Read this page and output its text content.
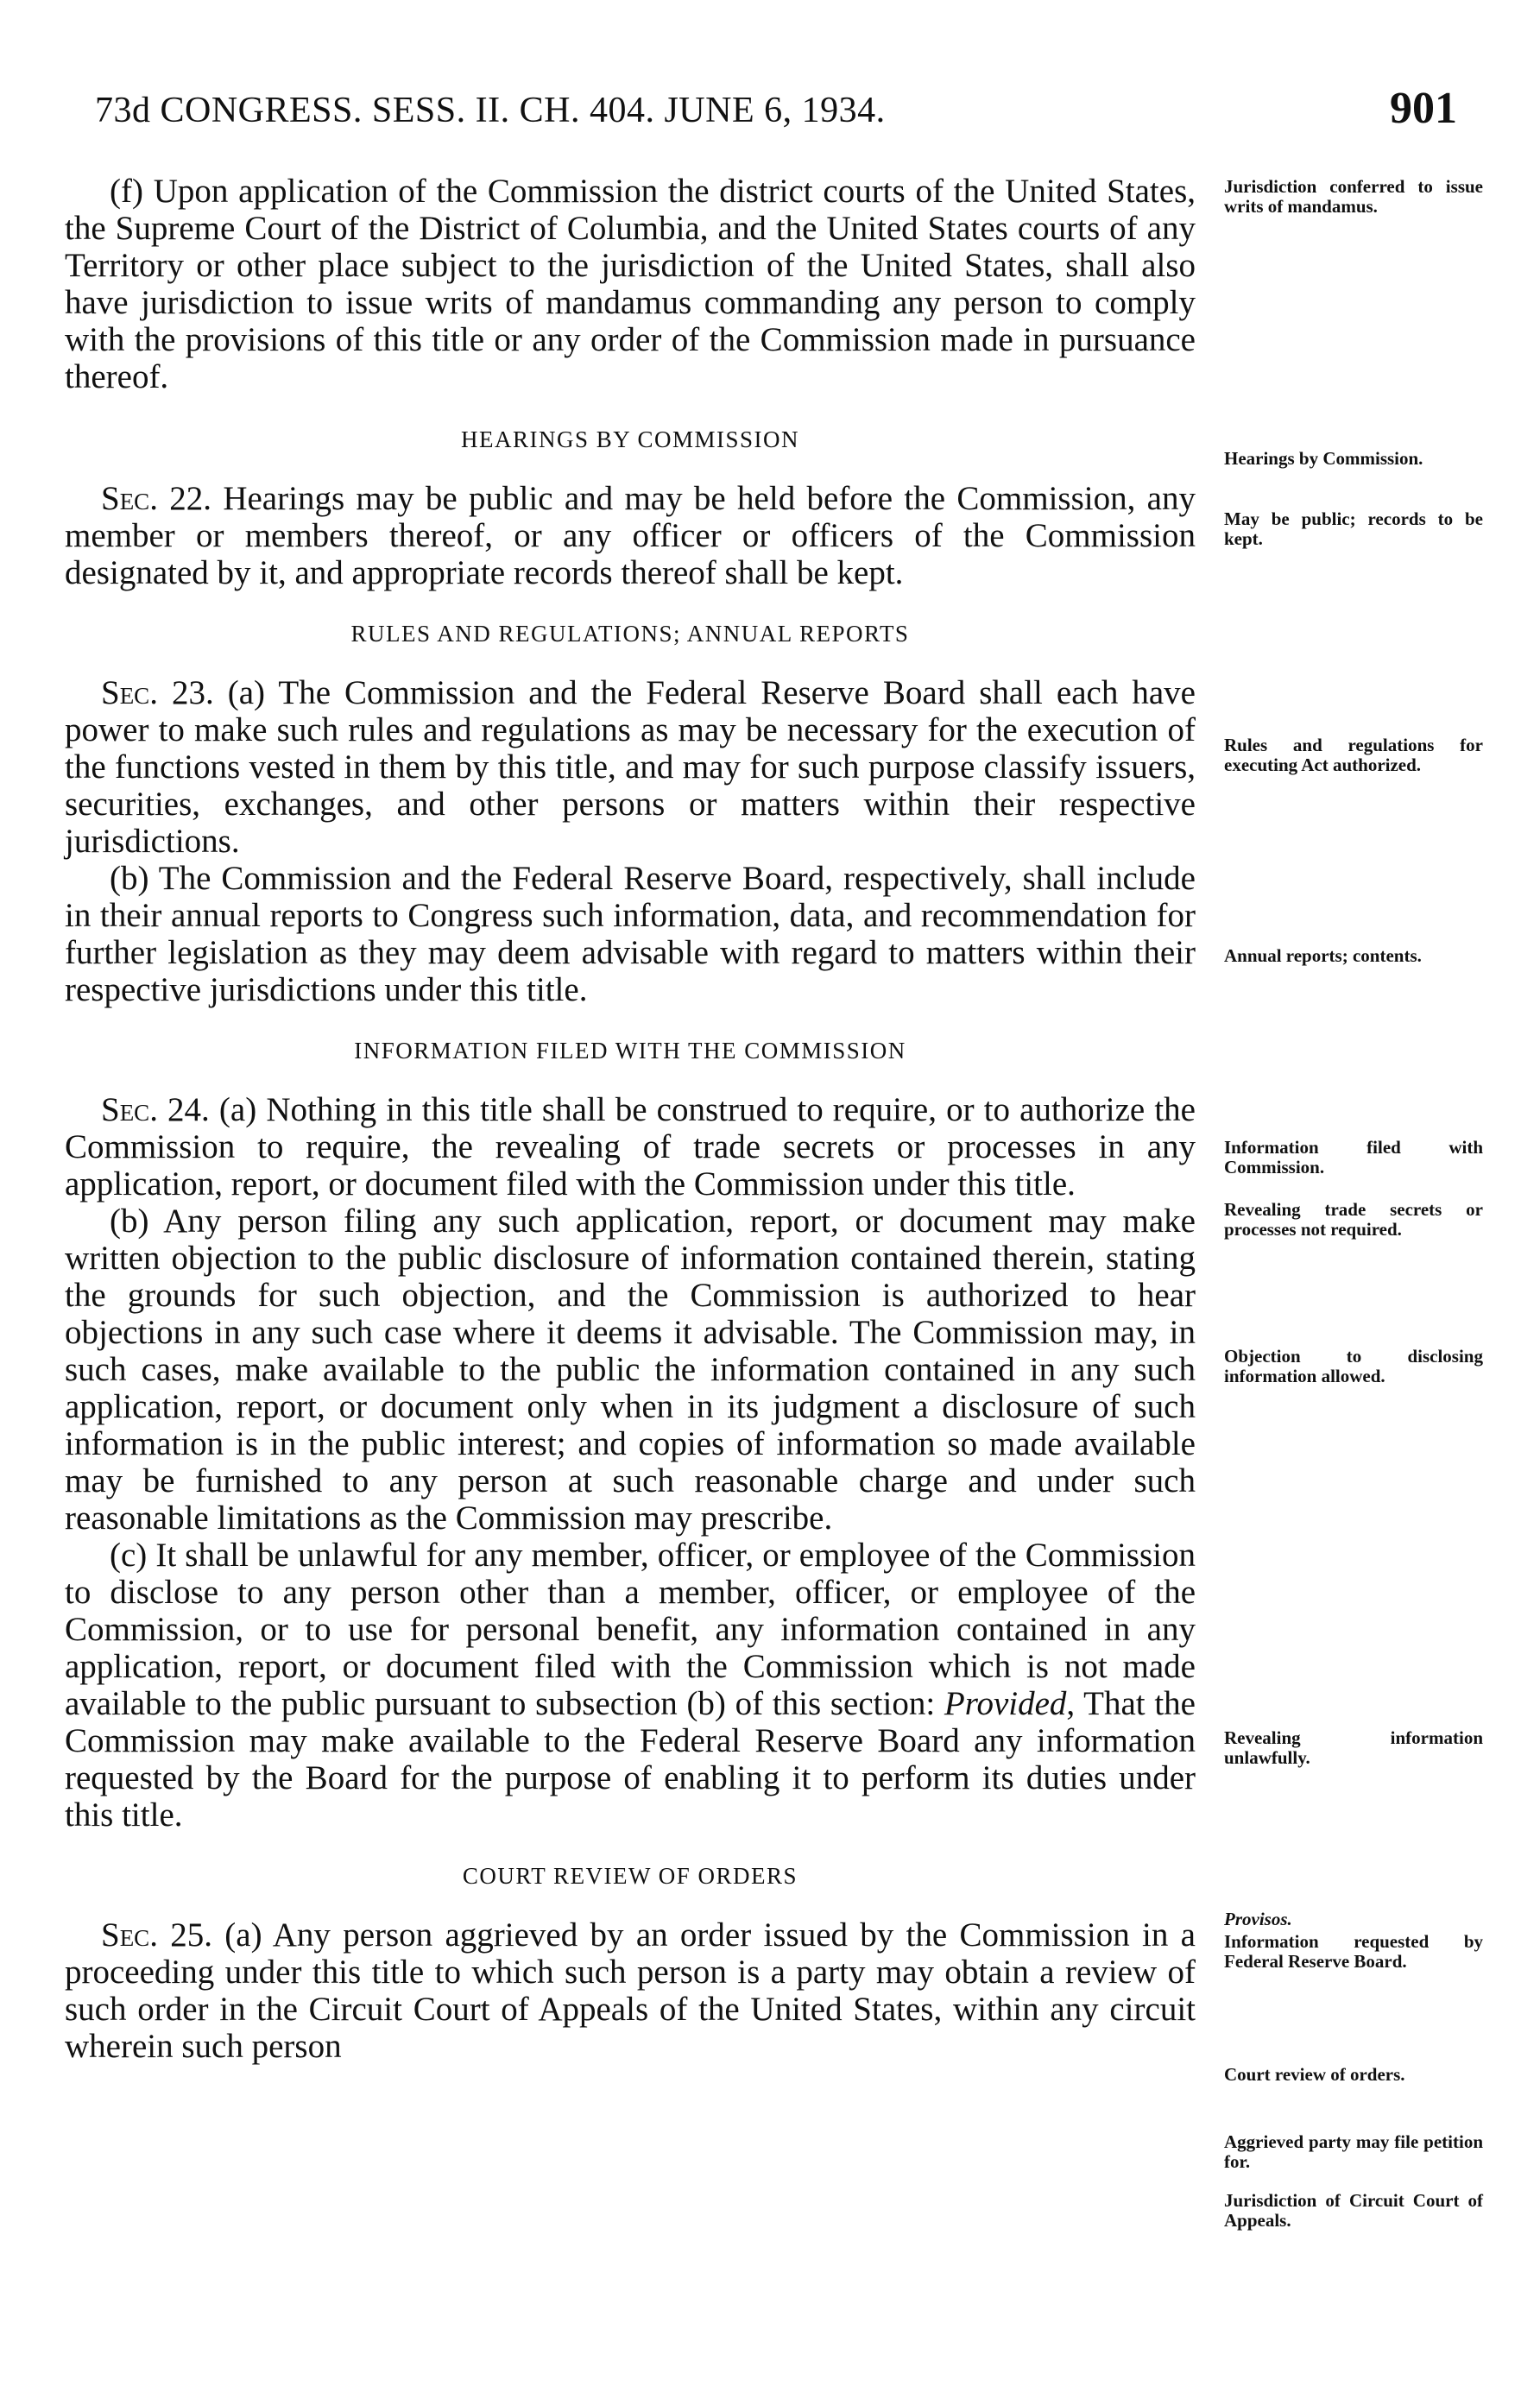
73d CONGRESS. SESS. II. CH. 404. JUNE 6, 1934.	901

(f) Upon application of the Commission the district courts of the United States, the Supreme Court of the District of Columbia, and the United States courts of any Territory or other place subject to the jurisdiction of the United States, shall also have jurisdiction to issue writs of mandamus commanding any person to comply with the provisions of this title or any order of the Commission made in pursuance thereof.

HEARINGS BY COMMISSION

Sec. 22. Hearings may be public and may be held before the Commission, any member or members thereof, or any officer or officers of the Commission designated by it, and appropriate records thereof shall be kept.

RULES AND REGULATIONS; ANNUAL REPORTS

Sec. 23. (a) The Commission and the Federal Reserve Board shall each have power to make such rules and regulations as may be necessary for the execution of the functions vested in them by this title, and may for such purpose classify issuers, securities, exchanges, and other persons or matters within their respective jurisdictions.

(b) The Commission and the Federal Reserve Board, respectively, shall include in their annual reports to Congress such information, data, and recommendation for further legislation as they may deem advisable with regard to matters within their respective jurisdictions under this title.

INFORMATION FILED WITH THE COMMISSION

Sec. 24. (a) Nothing in this title shall be construed to require, or to authorize the Commission to require, the revealing of trade secrets or processes in any application, report, or document filed with the Commission under this title.

(b) Any person filing any such application, report, or document may make written objection to the public disclosure of information contained therein, stating the grounds for such objection, and the Commission is authorized to hear objections in any such case where it deems it advisable. The Commission may, in such cases, make available to the public the information contained in any such application, report, or document only when in its judgment a disclosure of such information is in the public interest; and copies of information so made available may be furnished to any person at such reasonable charge and under such reasonable limitations as the Commission may prescribe.

(c) It shall be unlawful for any member, officer, or employee of the Commission to disclose to any person other than a member, officer, or employee of the Commission, or to use for personal benefit, any information contained in any application, report, or document filed with the Commission which is not made available to the public pursuant to subsection (b) of this section: Provided, That the Commission may make available to the Federal Reserve Board any information requested by the Board for the purpose of enabling it to perform its duties under this title.

COURT REVIEW OF ORDERS

Sec. 25. (a) Any person aggrieved by an order issued by the Commission in a proceeding under this title to which such person is a party may obtain a review of such order in the Circuit Court of Appeals of the United States, within any circuit wherein such person

Jurisdiction conferred to issue writs of mandamus.
Hearings by Commission.
May be public; records to be kept.
Rules and regulations for executing Act authorized.
Annual reports; contents.
Information filed with Commission.
Revealing trade secrets or processes not required.
Objection to disclosing information allowed.
Revealing information unlawfully.
Provisos.
Information requested by Federal Reserve Board.
Court review of orders.
Aggrieved party may file petition for.
Jurisdiction of Circuit Court of Appeals.
